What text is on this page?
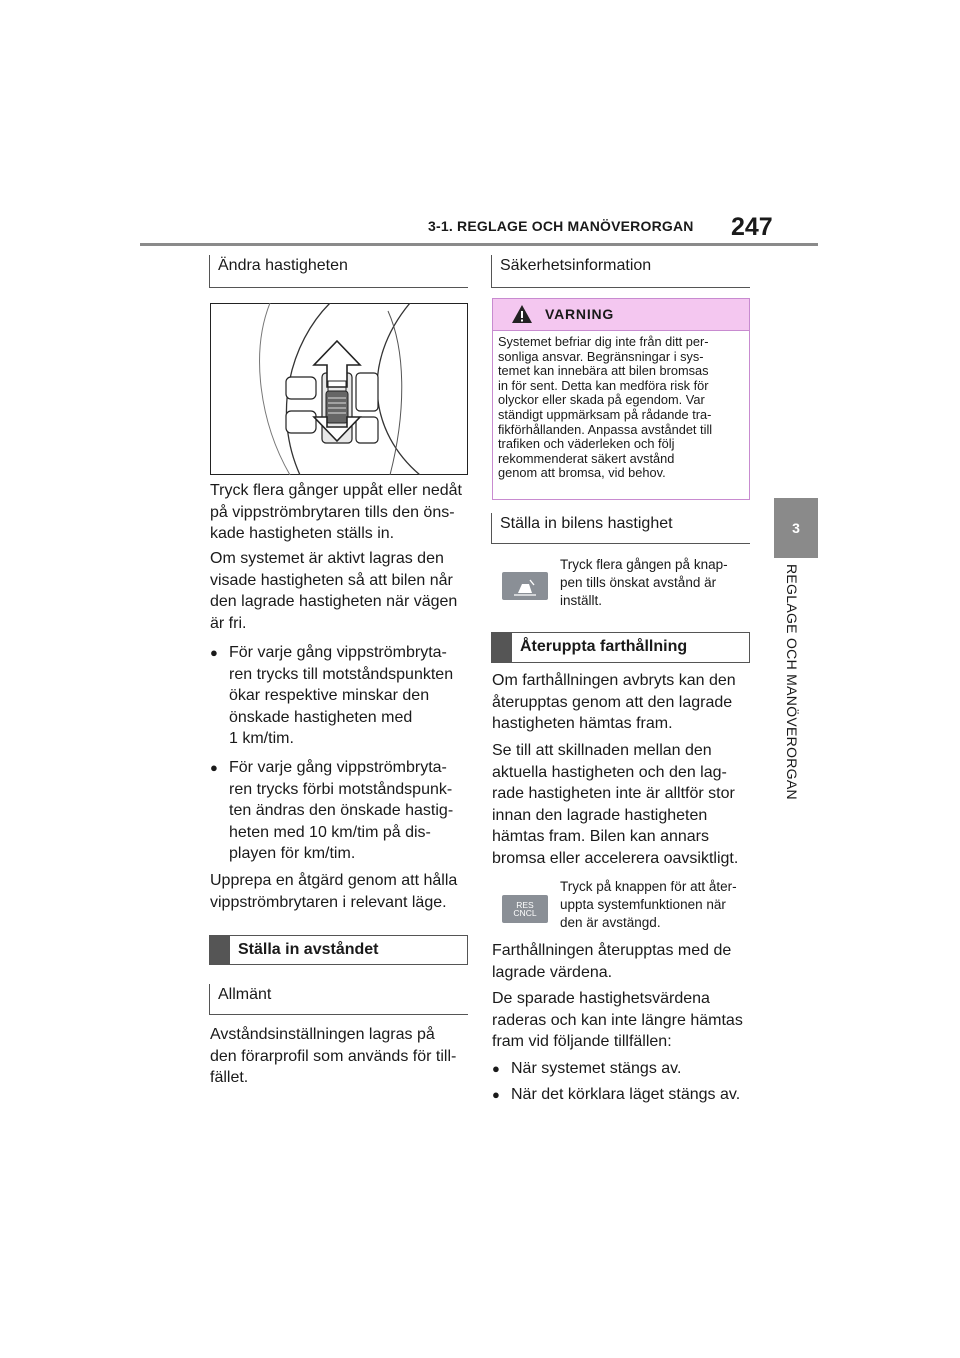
3-1. REGLAGE OCH MANÖVERORGAN 247
3
REGLAGE OCH MANÖVERORGAN
Ändra hastigheten

Tryck flera gånger uppåt eller nedåt

på vippströmbrytaren tills den öns-

kade hastigheten ställs in.

Om systemet är aktivt lagras den

visade hastigheten så att bilen når

den lagrade hastigheten när vägen

är fri.

● För varje gång vippströmbryta-
ren trycks till motståndspunkten
ökar respektive minskar den
önskade hastigheten med
1 km/tim.
● För varje gång vippströmbryta-
ren trycks förbi motståndspunk-
ten ändras den önskade hastig-
heten med 10 km/tim på dis-
playen för km/tim.

Upprepa en åtgärd genom att hålla

vippströmbrytaren i relevant läge.

Ställa in avståndet
Allmänt

Avståndsinställningen lagras på

den förarprofil som används för till-

fället.

Säkerhetsinformation
VARNING
Systemet befriar dig inte från ditt per-
sonliga ansvar. Begränsningar i sys-
temet kan innebära att bilen bromsas
in för sent. Detta kan medföra risk för
olyckor eller skada på egendom. Var
ständigt uppmärksam på rådande tra-
fikförhållanden. Anpassa avståndet till
trafiken och väderleken och följ
rekommenderat säkert avstånd
genom att bromsa, vid behov.
Ställa in bilens hastighet
Tryck flera gången på knap-
pen tills önskat avstånd är
inställt.
Återuppta farthållning

Om farthållningen avbryts kan den

återupptas genom att den lagrade

hastigheten hämtas fram.

Se till att skillnaden mellan den

aktuella hastigheten och den lag-

rade hastigheten inte är alltför stor

innan den lagrade hastigheten

hämtas fram. Bilen kan annars

bromsa eller accelerera oavsiktligt.

RES
CNCL
Tryck på knappen för att åter-
uppta systemfunktionen när
den är avstängd.

Farthållningen återupptas med de

lagrade värdena.

De sparade hastighetsvärdena

raderas och kan inte längre hämtas

fram vid följande tillfällen:

● När systemet stängs av.
● När det körklara läget stängs av.
